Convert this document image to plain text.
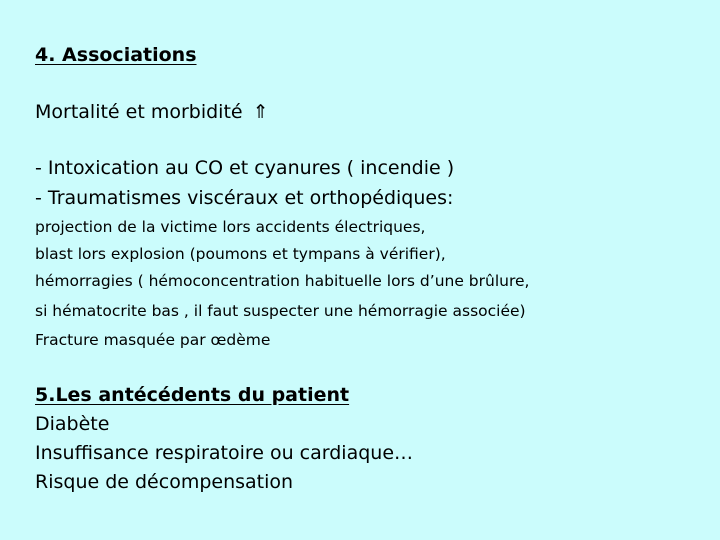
4. Associations

Mortalité et morbidité ⇑

- Intoxication au CO et cyanures ( incendie )

- Traumatismes viscéraux et orthopédiques:

projection de la victime lors accidents électriques,

blast lors explosion (poumons et tympans à vérifier),

hémorragies ( hémoconcentration habituelle lors d’une brûlure,

si hématocrite bas , il faut suspecter une hémorragie associée)

Fracture masquée par œdème

5.Les antécédents du patient

Diabète

Insuffisance respiratoire ou cardiaque…

Risque de décompensation
